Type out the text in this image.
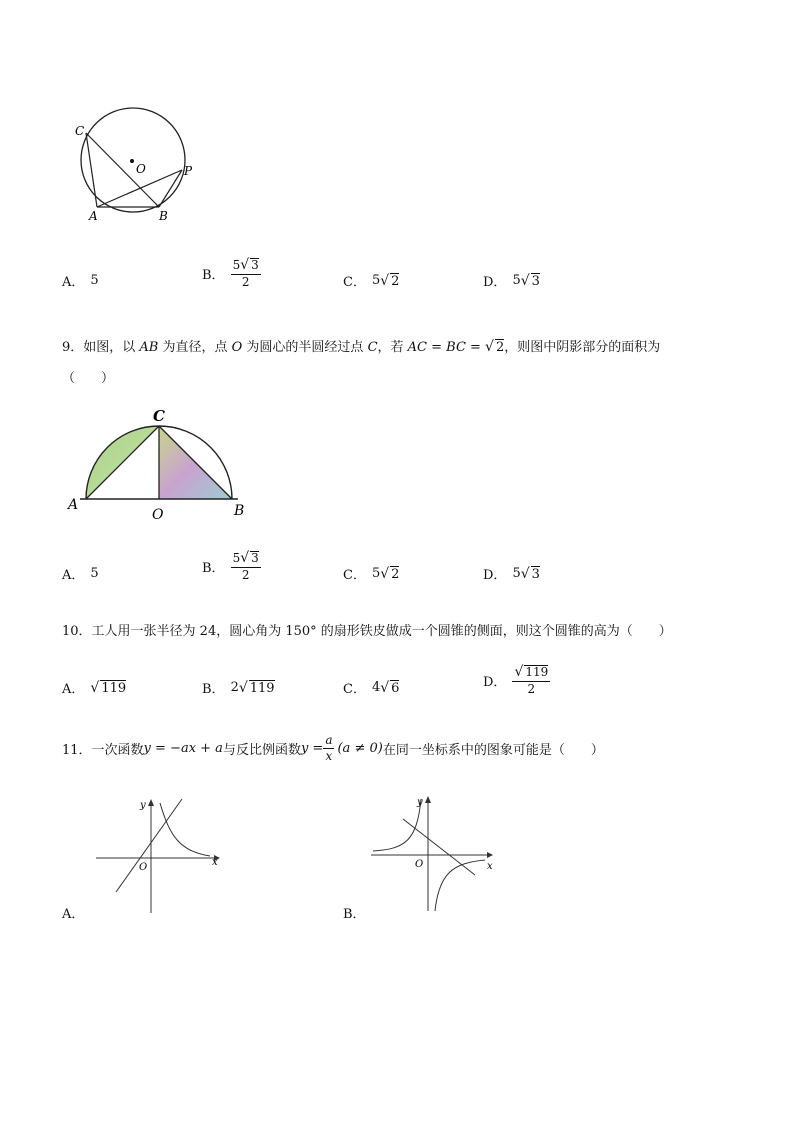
C
O	P
A	B
A． 5	B． $\frac{5√ 3}{2}$	C． 5 √ 2	D． 5 √ 3
9．如图，以 AB 为直径，点 O 为圆心的半圆经过点 C，若 AC = BC = √ 2，则图中阴影部分的面积为
（　　）
C
A
O	B
A． 5	B． $\frac{5√ 3}{2}$	C． 5 √ 2	D． 5 √ 3
10．工人用一张半径为 24，圆心角为 150° 的扇形铁皮做成一个圆锥的侧面，则这个圆锥的高为（　　）
A． √ 119	B． 2 √ 119	C． 4 √ 6	D． $\frac{√ 119}{2}$
11．一次函数 y = −ax + a 与反比例函数 $y = \frac{a}{x} (a \ne 0)$ 在同一坐标系中的图象可能是（　　）
y
x
O
A．
y
x
O
B．
